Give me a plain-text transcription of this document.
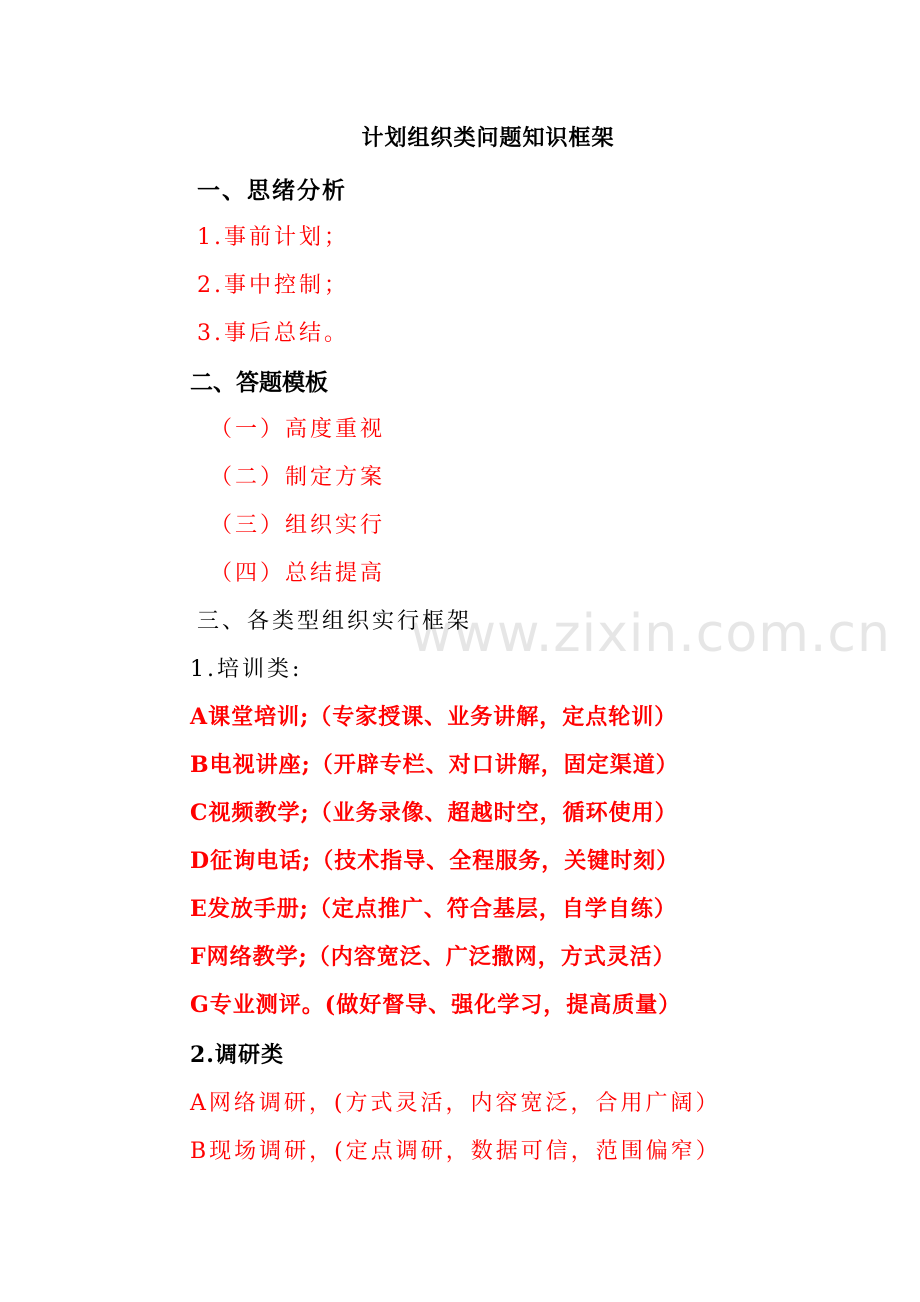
www.zixin.com.cn
计划组织类问题知识框架
一、思绪分析
1.事前计划；
2.事中控制；
3.事后总结。
二、答题模板
（一）高度重视
（二）制定方案
（三）组织实行
（四）总结提高
三、各类型组织实行框架
1.培训类:
A课堂培训;（专家授课、业务讲解，定点轮训）
B电视讲座;（开辟专栏、对口讲解，固定渠道）
C视频教学;（业务录像、超越时空，循环使用）
D征询电话;（技术指导、全程服务，关键时刻）
E发放手册;（定点推广、符合基层，自学自练）
F网络教学;（内容宽泛、广泛撒网，方式灵活）
G专业测评。(做好督导、强化学习，提高质量）
2.调研类
A网络调研，(方式灵活，内容宽泛，合用广阔）
B现场调研，(定点调研，数据可信，范围偏窄）
